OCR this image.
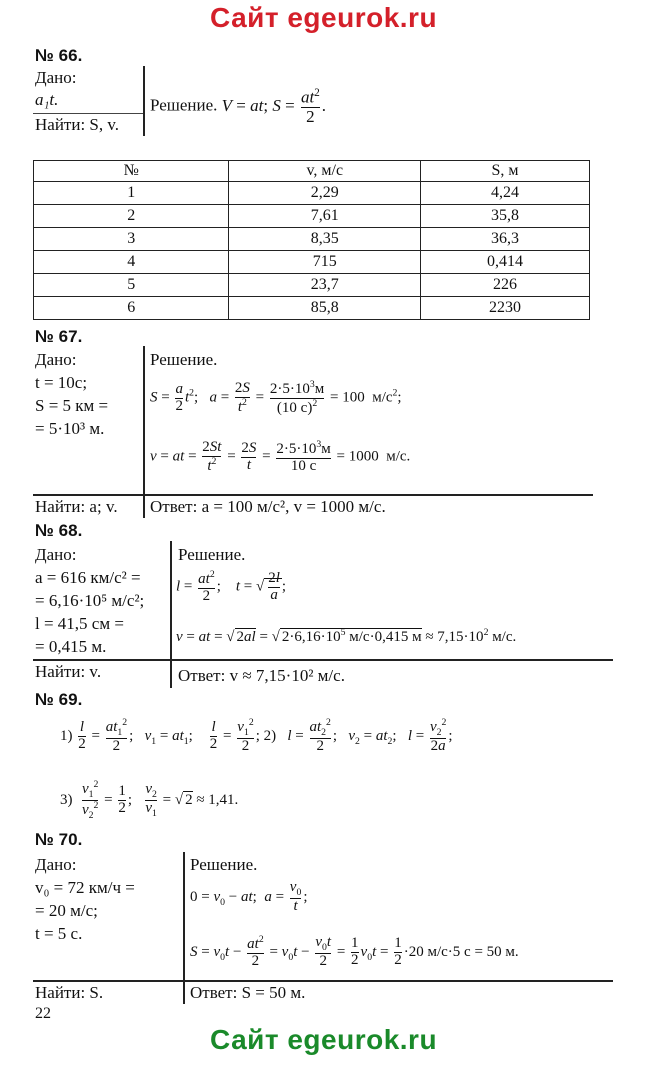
Сайт egeurok.ru
№ 66.
Дано:
a₁t.
Найти: S, v.
Решение. V = at; $S = \frac{at^2}{2}$ .
№	v, м/с	S, м
1	2,29	4,24
2	7,61	35,8
3	8,35	36,3
4	715	0,414
5	23,7	226
6	85,8	2230
№ 67.
Дано:
t = 10с;
S = 5 км =
= 5·10³ м.
Найти: a; v. Ответ: a = 100 м/с², v = 1000 м/с.
Решение.
$S = \frac{a}{2} t^2$;   $a = \frac{2S}{t^2} = \frac{2\cdot 5\cdot 10^3м}{(10 с)^2} = 100$  $м/с^2$;
v = at = $\frac{2St}{t^2} = \frac{2S}{t} = \frac{2\cdot 5\cdot 10^3м}{10 с} = 1000$  м/с.
№ 68.
Дано:
a = 616 км/с² =
= 6,16·10⁵ м/с²;
l = 41,5 см =
= 0,415 м.
Найти: v.	Ответ: v ≈ 7,15·10² м/с.
Решение.
$l = \frac{at^2}{2}$ ;    t = √ $\frac{2l}{a}$ ;
v = at = √ 2al = √ $2\cdot 6,16\cdot 10^5$ м/с·0,415 $м \approx 7,15\cdot 10^2$ м/с.
№ 69.
$1) \frac{l}{2} = \frac{at_1^2}{2}$ ;   $v_1 = at_1$; $\frac{l}{2} = \frac{v_1^2}{2}$ ; 2)   $l = \frac{at_2^2}{2}$ ;   $v_2 = at_2$;   $l = \frac{v_2^2}{2a}$ ;
$3) \frac{v_1^2}{v_2^2} = \frac{1}{2}$ ; $\frac{v_2}{v_1}$ = √ 2 ≈ 1,41.
№ 70.
Дано:
v₀ = 72 км/ч =
= 20 м/с;
t = 5 с.
Найти: S.	Ответ: S = 50 м.
Решение.
$0 = v_0$ − at;  $a = \frac{v_0}{t}$ ;
$S = v_0t - \frac{at^2}{2} = v_0t - \frac{v_0t}{2} = \frac{1}{2} v_0t = \frac{1}{2} \cdot 20$ м/с·5 с = 50 м.
22
Сайт egeurok.ru
